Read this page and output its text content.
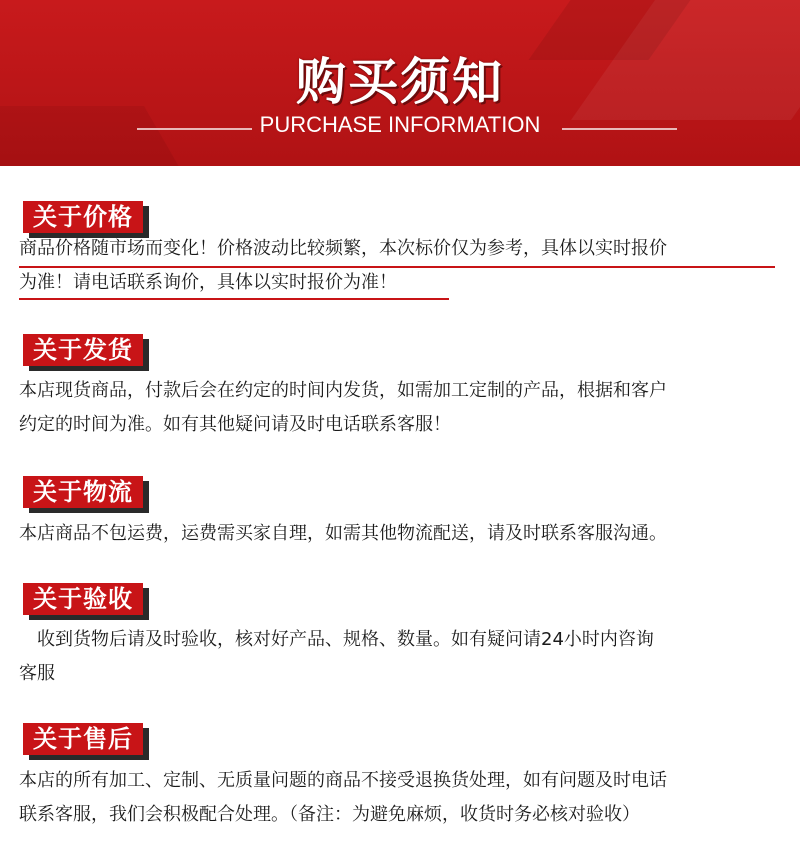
购买须知
PURCHASE INFORMATION
关于价格
商品价格随市场而变化！价格波动比较频繁，本次标价仅为参考，具体以实时报价
为准！请电话联系询价，具体以实时报价为准！
关于发货
本店现货商品，付款后会在约定的时间内发货，如需加工定制的产品，根据和客户
约定的时间为准。如有其他疑问请及时电话联系客服！
关于物流
本店商品不包运费，运费需买家自理，如需其他物流配送，请及时联系客服沟通。
关于验收
收到货物后请及时验收，核对好产品、规格、数量。如有疑问请24小时内咨询
客服
关于售后
本店的所有加工、定制、无质量问题的商品不接受退换货处理，如有问题及时电话
联系客服，我们会积极配合处理。（备注：为避免麻烦，收货时务必核对验收）
